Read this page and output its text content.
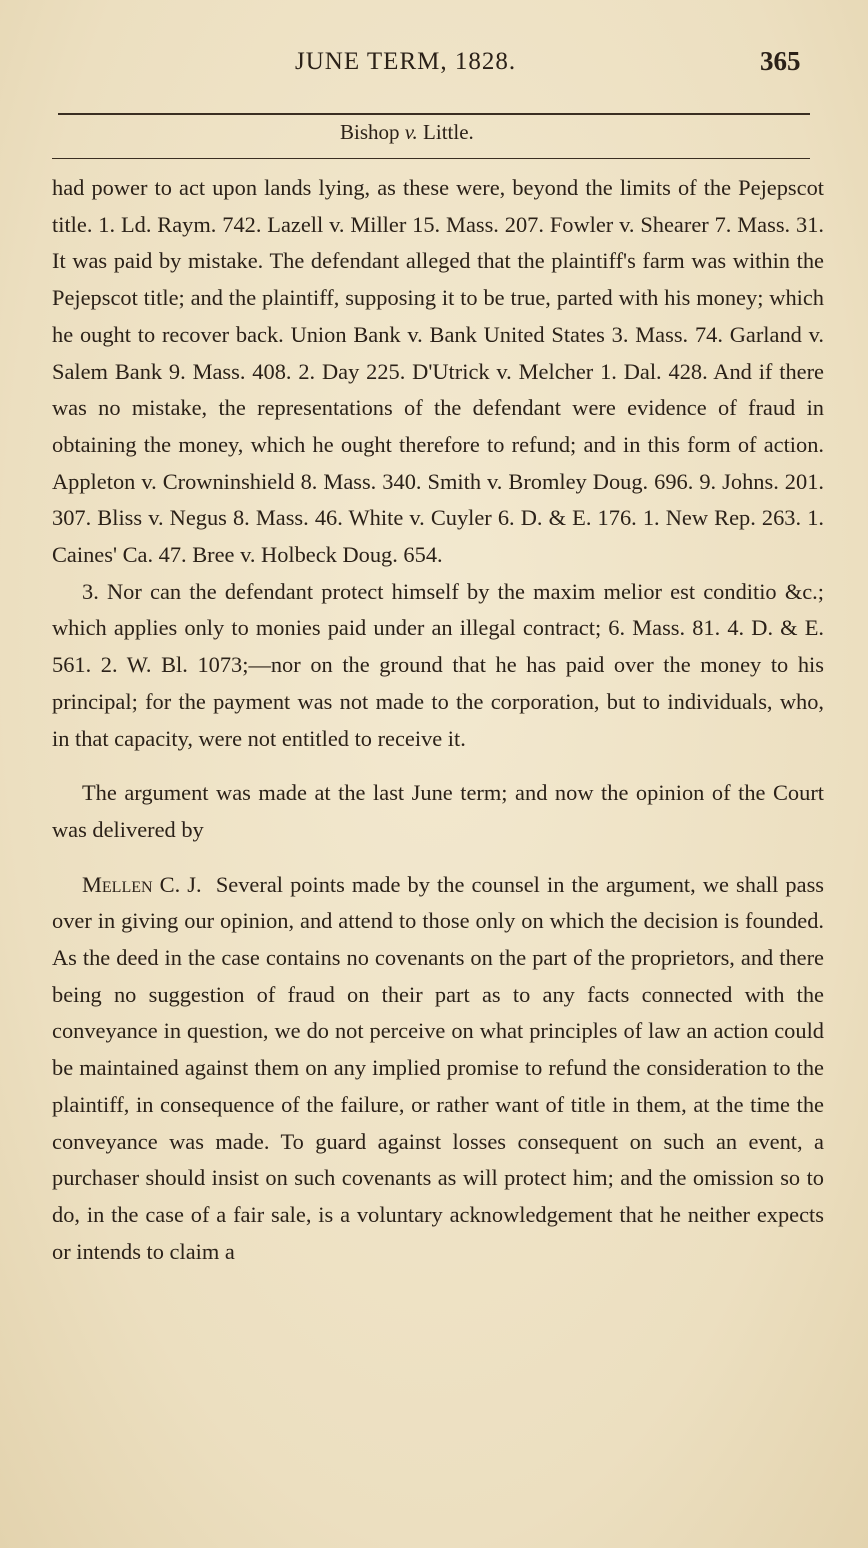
JUNE TERM, 1828.	365
Bishop v. Little.

had power to act upon lands lying, as these were, beyond the limits of the Pejepscot title. 1. Ld. Raym. 742. Lazell v. Miller 15. Mass. 207. Fowler v. Shearer 7. Mass. 31. It was paid by mistake. The defendant alleged that the plaintiff's farm was within the Pejepscot title; and the plaintiff, supposing it to be true, parted with his money; which he ought to recover back. Union Bank v. Bank United States 3. Mass. 74. Garland v. Salem Bank 9. Mass. 408. 2. Day 225. D'Utrick v. Melcher 1. Dal. 428. And if there was no mistake, the representations of the defendant were evidence of fraud in obtaining the money, which he ought therefore to refund; and in this form of action. Appleton v. Crowninshield 8. Mass. 340. Smith v. Bromley Doug. 696. 9. Johns. 201. 307. Bliss v. Negus 8. Mass. 46. White v. Cuyler 6. D. & E. 176. 1. New Rep. 263. 1. Caines' Ca. 47. Bree v. Holbeck Doug. 654.

3. Nor can the defendant protect himself by the maxim melior est conditio &c.; which applies only to monies paid under an illegal contract; 6. Mass. 81. 4. D. & E. 561. 2. W. Bl. 1073;—nor on the ground that he has paid over the money to his principal; for the payment was not made to the corporation, but to individuals, who, in that capacity, were not entitled to receive it.

The argument was made at the last June term; and now the opinion of the Court was delivered by

Mellen C. J. Several points made by the counsel in the argument, we shall pass over in giving our opinion, and attend to those only on which the decision is founded. As the deed in the case contains no covenants on the part of the proprietors, and there being no suggestion of fraud on their part as to any facts connected with the conveyance in question, we do not perceive on what principles of law an action could be maintained against them on any implied promise to refund the consideration to the plaintiff, in consequence of the failure, or rather want of title in them, at the time the conveyance was made. To guard against losses consequent on such an event, a purchaser should insist on such covenants as will protect him; and the omission so to do, in the case of a fair sale, is a voluntary acknowledgement that he neither expects or intends to claim a
